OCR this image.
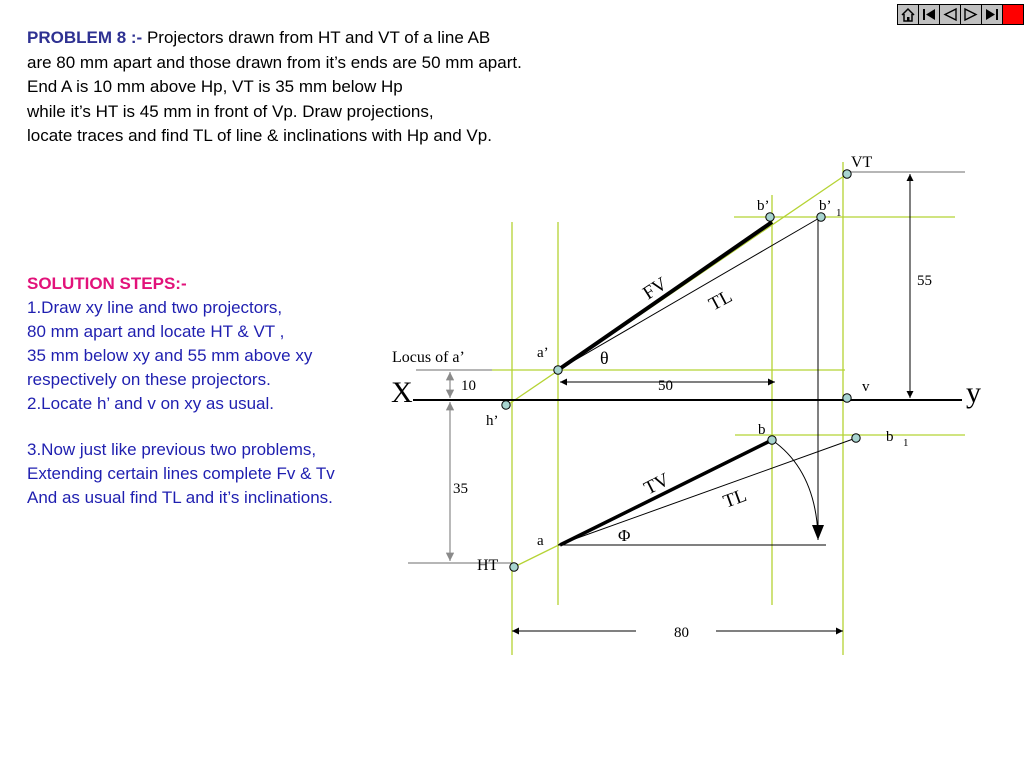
PROBLEM 8 :- Projectors drawn from HT and VT of a line AB
are 80 mm apart and those drawn from it’s ends are 50 mm apart.
End A is 10 mm above Hp, VT is 35 mm below Hp
while it’s HT is 45 mm in front of Vp. Draw projections,
locate traces and find TL of line & inclinations with Hp and Vp.
SOLUTION STEPS:-
1.Draw xy line and two projectors,
80 mm apart and locate HT & VT ,
35 mm below xy and 55 mm above xy
respectively on these projectors.
2.Locate h’ and v on xy as usual.
3.Now just like previous two problems,
Extending certain lines complete Fv & Tv
And as usual find TL and it’s inclinations.
X	y
VT
HT
b’	b’ 1
a’
h’
v
b	b 1
a
Locus of a’	θ
Φ
FV TL
TV	TL
10
35
50
55
80
